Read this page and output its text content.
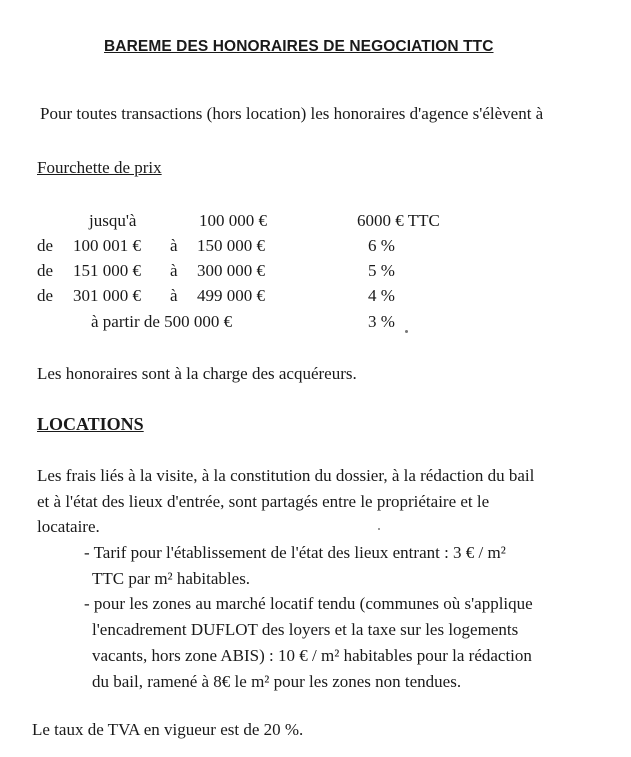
BAREME DES HONORAIRES DE NEGOCIATION TTC
Pour toutes transactions (hors location) les honoraires d'agence s'élèvent à
Fourchette de prix
jusqu'à	100 000 €	6000 € TTC
de 100 001 € à 150 000 €	6 %
de 151 000 € à 300 000 €	5 %
de 301 000 € à 499 000 €	4 %
à partir de 500 000 €	3 %
Les honoraires sont à la charge des acquéreurs.
LOCATIONS
Les frais liés à la visite, à la constitution du dossier, à la rédaction du bail
et à l'état des lieux d'entrée, sont partagés entre le propriétaire et le
locataire.
- Tarif pour l'établissement de l'état des lieux entrant : 3 € / m²
TTC par m² habitables.
- pour les zones au marché locatif tendu (communes où s'applique
l'encadrement DUFLOT des loyers et la taxe sur les logements
vacants, hors zone ABIS) : 10 € / m² habitables pour la rédaction
du bail, ramené à 8€ le m² pour les zones non tendues.
Le taux de TVA en vigueur est de 20 %.
